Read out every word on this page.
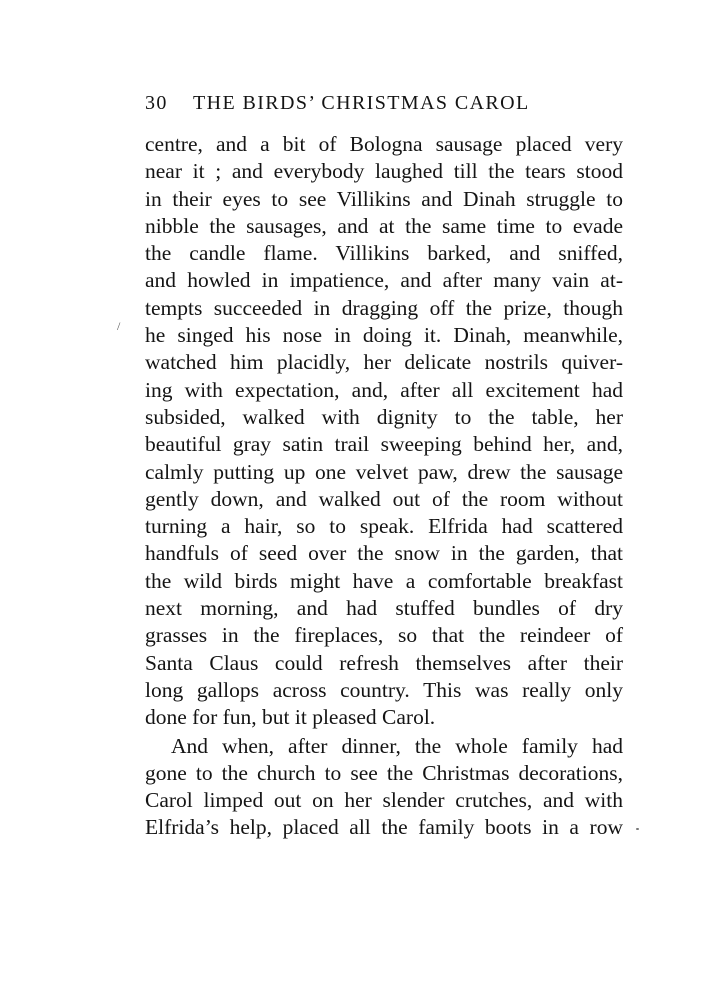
30 THE BIRDS’ CHRISTMAS CAROL
centre, and a bit of Bologna sausage placed very
near it ; and everybody laughed till the tears stood
in their eyes to see Villikins and Dinah struggle to
nibble the sausages, and at the same time to evade
the candle flame. Villikins barked, and sniffed,
and howled in impatience, and after many vain at-
tempts succeeded in dragging off the prize, though
he singed his nose in doing it. Dinah, meanwhile,
watched him placidly, her delicate nostrils quiver-
ing with expectation, and, after all excitement had
subsided, walked with dignity to the table, her
beautiful gray satin trail sweeping behind her, and,
calmly putting up one velvet paw, drew the sausage
gently down, and walked out of the room without
turning a hair, so to speak. Elfrida had scattered
handfuls of seed over the snow in the garden, that
the wild birds might have a comfortable breakfast
next morning, and had stuffed bundles of dry
grasses in the fireplaces, so that the reindeer of
Santa Claus could refresh themselves after their
long gallops across country. This was really only
done for fun, but it pleased Carol.
And when, after dinner, the whole family had
gone to the church to see the Christmas decorations,
Carol limped out on her slender crutches, and with
Elfrida’s help, placed all the family boots in a row
/
